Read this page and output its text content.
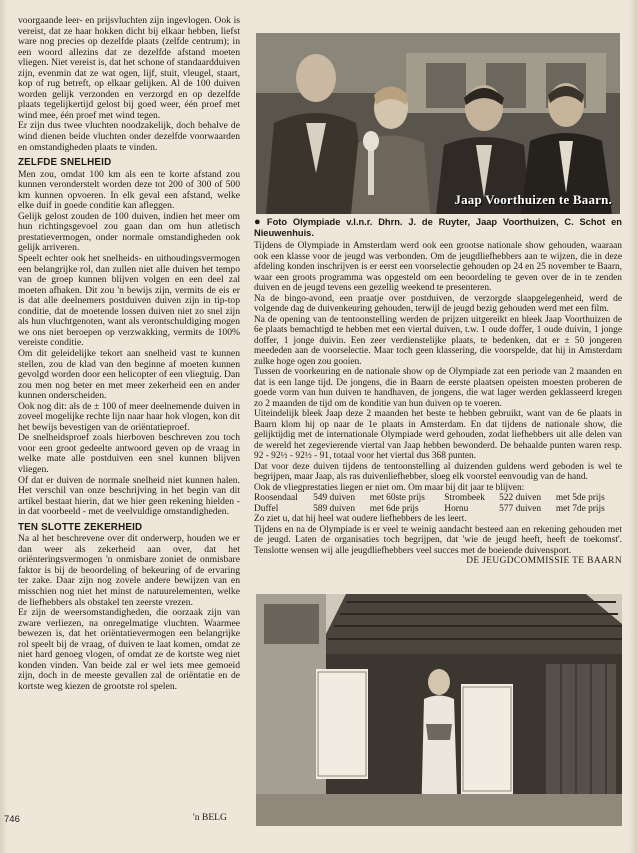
voorgaande leer- en prijsvluchten zijn ingevlogen. Ook is vereist, dat ze haar hokken dicht bij elkaar hebben, liefst ware nog precies op dezelfde plaats (zelfde centrum); in een woord allezins dat ze dezelfde afstand moeten vliegen. Niet vereist is, dat het schone of standaardduiven zijn, evenmin dat ze wat ogen, lijf, stuit, vleugel, staart, kop of rug betreft, op elkaar gelijken. Al de 100 duiven worden gelijk verzonden en verzorgd en op dezelfde plaats tegelijkertijd gelost bij goed weer, één proef met wind mee, één proef met wind tegen.

Er zijn dus twee vluchten noodzakelijk, doch behalve de wind dienen beide vluchten onder dezelfde voorwaarden en omstandigheden plaats te vinden.

ZELFDE SNELHEID

Men zou, omdat 100 km als een te korte afstand zou kunnen veronderstelt worden deze tot 200 of 300 of 500 km kunnen opvoeren. In elk geval een afstand, welke elke duif in goede conditie kan afleggen.

Gelijk gelost zouden de 100 duiven, indien het meer om hun richtingsgevoel zou gaan dan om hun atletisch prestatievermogen, onder normale omstandigheden ook gelijk arriveren.

Speelt echter ook het snelheids- en uithoudingsvermogen een belangrijke rol, dan zullen niet alle duiven het tempo van de groep kunnen blijven volgen en een deel zal moeten afhaken. Dit zou 'n bewijs zijn, vermits de eis er is dat alle deelnemers postduiven duiven zijn in tip-top conditie, dat de moetende lossen duiven niet zo snel zijn als hun vluchtgenoten, want als verontschuldiging mogen we ons niet beroepen op verzwakking, vermits de 100% vereiste conditie.

Om dit geleidelijke tekort aan snelheid vast te kunnen stellen, zou de klad van den beginne af moeten kunnen gevolgd worden door een helicopter of een vliegtuig. Dan zou men nog beter en met meer zekerheid een en ander kunnen onderscheiden.

Ook nog dit: als de ± 100 of meer deelnemende duiven in zoveel mogelijke rechte lijn naar haar hok vlogen, kon dit het bewijs bevestigen van de oriëntatieproef.

De snelheidsproef zoals hierboven beschreven zou toch voor een groot gedeelte antwoord geven op de vraag in welke mate alle postduiven een snel kunnen blijven vliegen.

Of dat er duiven de normale snelheid niet kunnen halen. Het verschil van onze beschrijving in het begin van dit artikel bestaat hierin, dat we hier geen rekening hielden - in dat voorbeeld - met de veelvuldige omstandigheden.

TEN SLOTTE ZEKERHEID

Na al het beschrevene over dit onderwerp, houden we er dan weer als zekerheid aan over, dat het oriënteringsvermogen 'n onmisbare zoniet de onmisbare faktor is bij de beoordeling of bekeuring of de ervaring ter zake. Daar zijn nog zovele andere bewijzen van en misschien nog niet het minst de natuurelementen, welke de liefhebbers als obstakel ten zeerste vrezen.

Er zijn de weersomstandigheden, die oorzaak zijn van zware verliezen, na onregelmatige vluchten. Waarmee bewezen is, dat het oriëntatievermogen een belangrijke rol speelt bij de vraag, of duiven te laat komen, omdat ze niet hard genoeg vlogen, of omdat ze de kortste weg niet konden vinden. Van beide zal er wel iets mee gemoeid zijn, doch in de meeste gevallen zal de oriëntatie en de kortste weg kiezen de grootste rol spelen.

'n BELG
746
Jaap Voorthuizen te Baarn.
● Foto Olympiade v.l.n.r. Dhrn. J. de Ruyter, Jaap Voorthuizen, C. Schot en Nieuwenhuis.

Tijdens de Olympiade in Amsterdam werd ook een grootse nationale show gehouden, waaraan ook een klasse voor de jeugd was verbonden. Om de jeugdliefhebbers aan te wijzen, die in deze afdeling konden inschrijven is er eerst een voorselectie gehouden op 24 en 25 november te Baarn, waar een groots programma was opgesteld om een beoordeling te geven over de in te zenden duiven en de jeugd tevens een gezellig weekend te presenteren.

Na de bingo-avond, een praatje over postduiven, de verzorgde slaapgelegenheid, werd de volgende dag de duivenkeuring gehouden, terwijl de jeugd bezig gehouden werd met een film.

Na de opening van de tentoonstelling werden de prijzen uitgereikt en bleek Jaap Voorthuizen de 6e plaats bemachtigd te hebben met een viertal duiven, t.w. 1 oude doffer, 1 oude duivin, 1 jonge doffer, 1 jonge duivin. Een zeer verdienstelijke plaats, te bedenken, dat er ± 50 jongeren meededen aan de voorselectie. Maar toch geen klassering, die voorspelde, dat hij in Amsterdam zulke hoge ogen zou gooien.

Tussen de voorkeuring en de nationale show op de Olympiade zat een periode van 2 maanden en dat is een lange tijd. De jongens, die in Baarn de eerste plaatsen opeisten moesten proberen de goede vorm van hun duiven te handhaven, de jongens, die wat lager werden geklasseerd kregen zo 2 maanden de tijd om de konditie van hun duiven op te voeren.

Uiteindelijk bleek Jaap deze 2 maanden het beste te hebben gebruikt, want van de 6e plaats in Baarn klom hij op naar de 1e plaats in Amsterdam. En dat tijdens de nationale show, die gelijktijdig met de internationale Olympiade werd gehouden, zodat liefhebbers uit alle delen van de wereld het zegevierende viertal van Jaap hebben bewonderd. De behaalde punten waren resp. 92 - 92½ - 92½ - 91, totaal voor het viertal dus 368 punten.

Dat voor deze duiven tijdens de tentoonstelling al duizenden guldens werd geboden is wel te begrijpen, maar Jaap, als ras duivenliefhebber, sloeg elk voorstel eenvoudig van de hand.

Ook de vliegprestaties liegen er niet om. Om maar bij dit jaar te blijven:

Roosendaal	549 duiven	met 60ste prijs	Strombeek	522 duiven	met 5de prijs
Duffel	589 duiven	met 6de prijs	Hornu	577 duiven	met 7de prijs

Zo ziet u, dat hij heel wat oudere liefhebbers de les leert.

Tijdens en na de Olympiade is er veel te weinig aandacht besteed aan en rekening gehouden met de jeugd. Laten de organisaties toch begrijpen, dat 'wie de jeugd heeft, heeft de toekomst'. Tenslotte wensen wij alle jeugdliefhebbers veel succes met de boeiende duivensport.

DE JEUGDCOMMISSIE TE BAARN
